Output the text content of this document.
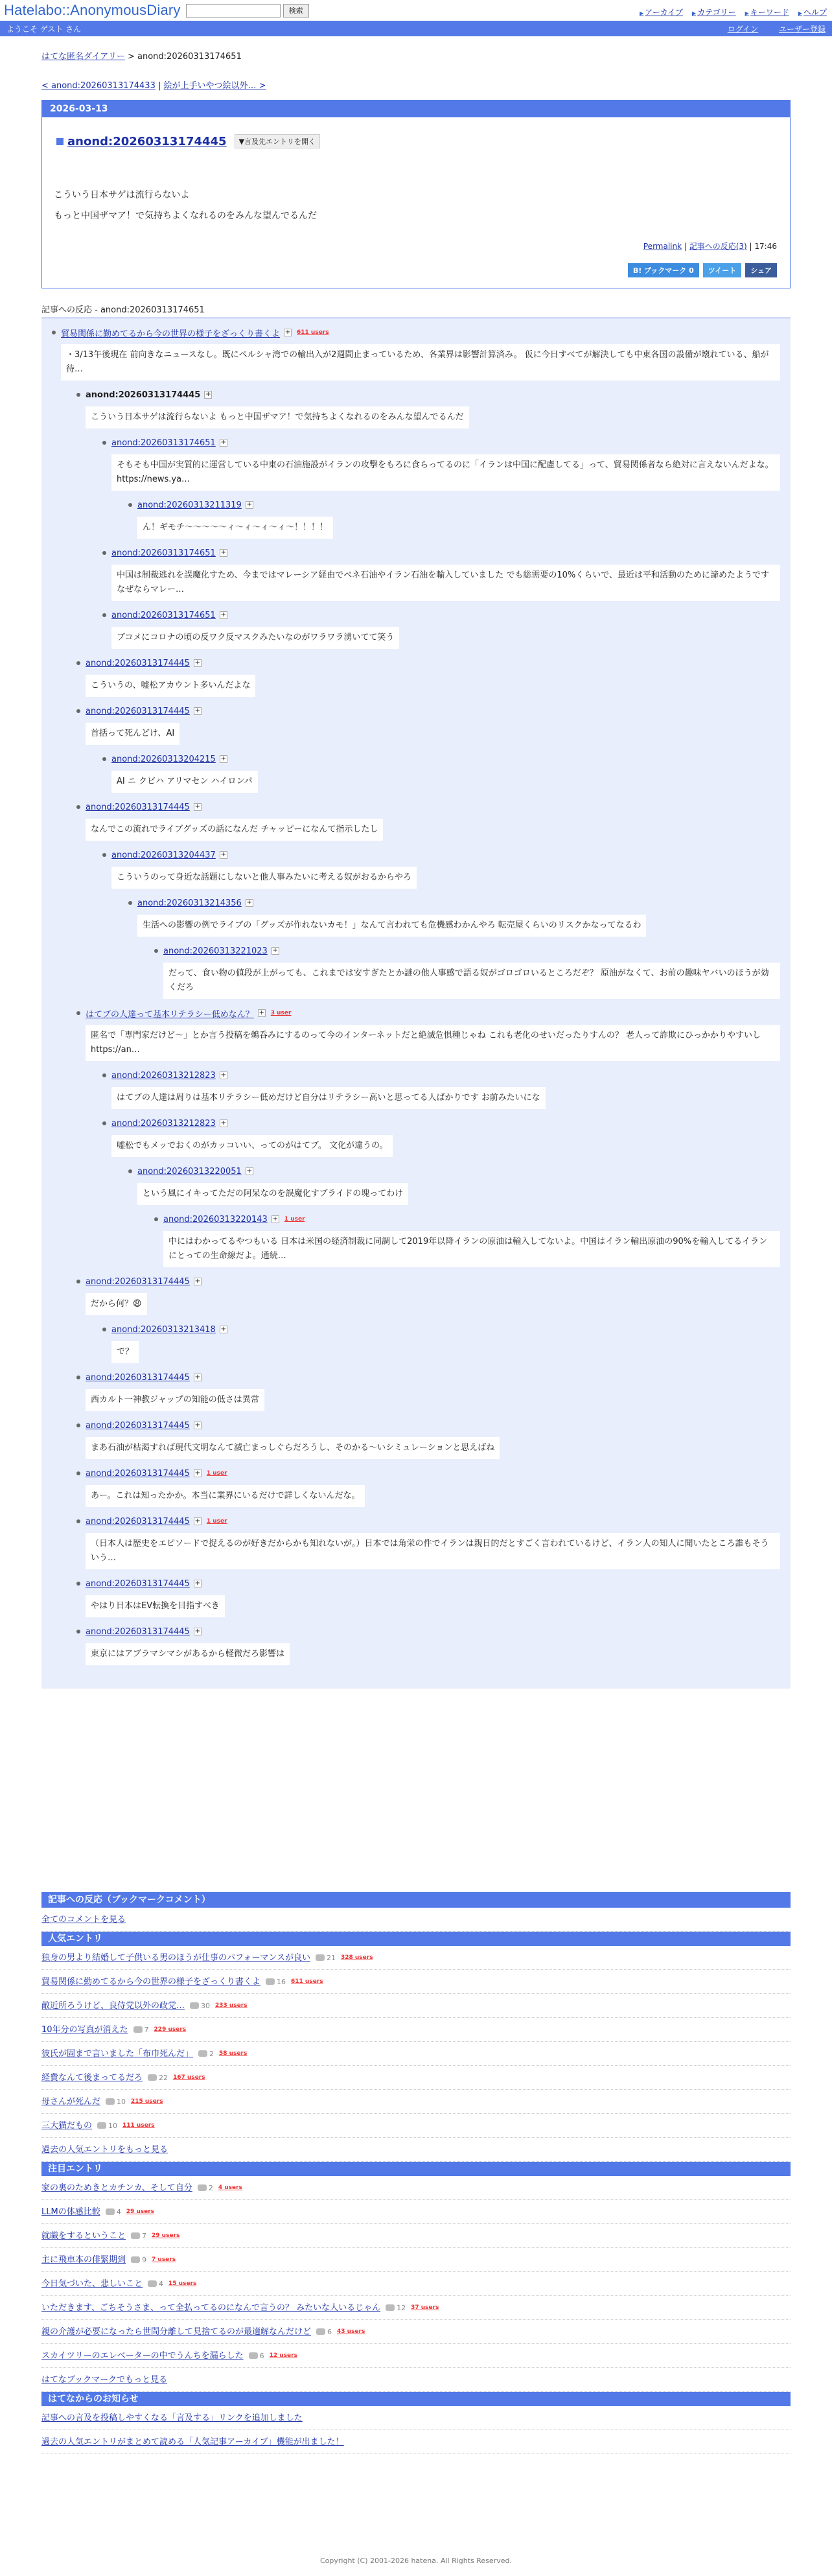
Hatelabo::AnonymousDiary	検索	▶ アーカイブ	▶ カテゴリー	▶ キーワード	▶ ヘルプ
ようこそ ゲスト さん	ログイン	ユーザー登録
はてな匿名ダイアリー > anond:20260313174651
< anond:20260313174433 | 絵が上手いやつ絵以外… >
2026-03-13
anond:20260313174445	▼言及先エントリを開く
こういう日本サゲは流行らないよ
もっと中国ザマア！で気持ちよくなれるのをみんな望んでるんだ
Permalink | 記事への反応(3) | 17:46
B! ブックマーク 0	ツイート	シェア
記事への反応 - anond:20260313174651
貿易関係に勤めてるから今の世界の様子をざっくり書くよ + 611 users
・3/13午後現在 前向きなニュースなし。既にペルシャ湾での輸出入が2週間止まっているため、各業界は影響計算済み。 仮に今日すべてが解決しても中東各国の設備が壊れている、船が待…
anond:20260313174445 +
こういう日本サゲは流行らないよ もっと中国ザマア！で気持ちよくなれるのをみんな望んでるんだ
anond:20260313174651 +
そもそも中国が実質的に運営している中東の石油施設がイランの攻撃をもろに食らってるのに「イランは中国に配慮してる」って、貿易関係者なら絶対に言えないんだよな。 https://news.ya…
anond:20260313211319 +
ん！ギモチ〜〜〜〜〜ィ〜ィ〜ィ〜ィ〜！！！！
anond:20260313174651 +
中国は制裁逃れを誤魔化すため、今まではマレーシア経由でベネ石油やイラン石油を輸入していました でも総需要の10%くらいで、最近は平和活動のために諦めたようです なぜならマレー…
anond:20260313174651 +
ブコメにコロナの頃の反ワク反マスクみたいなのがワラワラ湧いてて笑う
anond:20260313174445 +
こういうの、嘘松アカウント多いんだよな
anond:20260313174445 +
首括って死んどけ、AI
anond:20260313204215 +
AI ニ クビハ アリマセン ハイロンパ
anond:20260313174445 +
なんでこの流れでライブグッズの話になんだ チャッピーになんて指示したし
anond:20260313204437 +
こういうのって身近な話題にしないと他人事みたいに考える奴がおるからやろ
anond:20260313214356 +
生活への影響の例でライブの「グッズが作れないカモ！」なんて言われても危機感わかんやろ 転売屋くらいのリスクかなってなるわ
anond:20260313221023 +
だって、食い物の値段が上がっても、これまでは安すぎたとか謎の他人事感で語る奴がゴロゴロいるところだぞ？ 原油がなくて、お前の趣味ヤバいのほうが効くだろ
はてブの人達って基本リテラシー低めなん？ + 3 user
匿名で「専門家だけど〜」とか言う投稿を鵜呑みにするのって今のインターネットだと絶滅危惧種じゃね これも老化のせいだったりすんの？ 老人って詐欺にひっかかりやすいし https://an…
anond:20260313212823 +
はてブの人達は周りは基本リテラシー低めだけど自分はリテラシー高いと思ってる人ばかりです お前みたいにな
anond:20260313212823 +
嘘松でもメッでおくのがカッコいい、ってのがはてブ。 文化が違うの。
anond:20260313220051 +
という風にイキってただの阿呆なのを誤魔化すブライドの塊ってわけ
anond:20260313220143 + 1 user
中にはわかってるやつもいる 日本は米国の経済制裁に同調して2019年以降イランの原油は輸入してないよ。中国はイラン輸出原油の90%を輸入してるイランにとっての生命線だよ。通続…
anond:20260313174445 +
だから何？😩
anond:20260313213418 +
で？
anond:20260313174445 +
西カルト一神教ジャップの知能の低さは異常
anond:20260313174445 +
まあ石油が枯渇すれば現代文明なんて滅亡まっしぐらだろうし、そのかる〜いシミュレーションと思えばね
anond:20260313174445 + 1 user
あー。これは知ったかか。本当に業界にいるだけで詳しくないんだな。
anond:20260313174445 + 1 user
（日本人は歴史をエピソードで捉えるのが好きだからかも知れないが。）日本では角栄の件でイランは親日的だとすごく言われているけど、イラン人の知人に聞いたところ誰もそういう…
anond:20260313174445 +
やはり日本はEV転換を目指すべき
anond:20260313174445 +
東京にはアブラマシマシがあるから軽微だろ影響は
記事への反応（ブックマークコメント）
全てのコメントを見る
人気エントリ
独身の男より結婚して子供いる男のほうが仕事のパフォーマンスが良い 21 328 users
貿易関係に勤めてるから今の世界の様子をざっくり書くよ 16 611 users
敵近所ろうけど、良侍党以外の政党… 30 233 users
10年分の写真が消えた 7 229 users
彼氏が固まで言いました「布巾死んだ」 2 58 users
経費なんて後まってるだろ 22 167 users
母さんが死んだ 10 215 users
三大猫だもの 10 111 users
過去の人気エントリをもっと見る
注目エントリ
家の裏のためきとカチンカ、そして自分 2 4 users
LLMの体感比較 4 29 users
就職をするということ 7 29 users
主に飛車本の俳緊期到 9 7 users
今日気づいた、悲しいこと 4 15 users
いただきます、ごちそうさま、って全払ってるのになんで言うの？ みたいな人いるじゃん 12 37 users
親の介護が必要になったら世間分離して見捨てるのが最適解なんだけど 6 43 users
スカイツリーのエレベーターの中でうんちを漏らした 6 12 users
はてなブックマークでもっと見る
はてなからのお知らせ
記事への言及を投稿しやすくなる「言及する」リンクを追加しました
過去の人気エントリがまとめて読める「人気記事アーカイブ」機能が出ました！
Copyright (C) 2001-2026 hatena. All Rights Reserved.
